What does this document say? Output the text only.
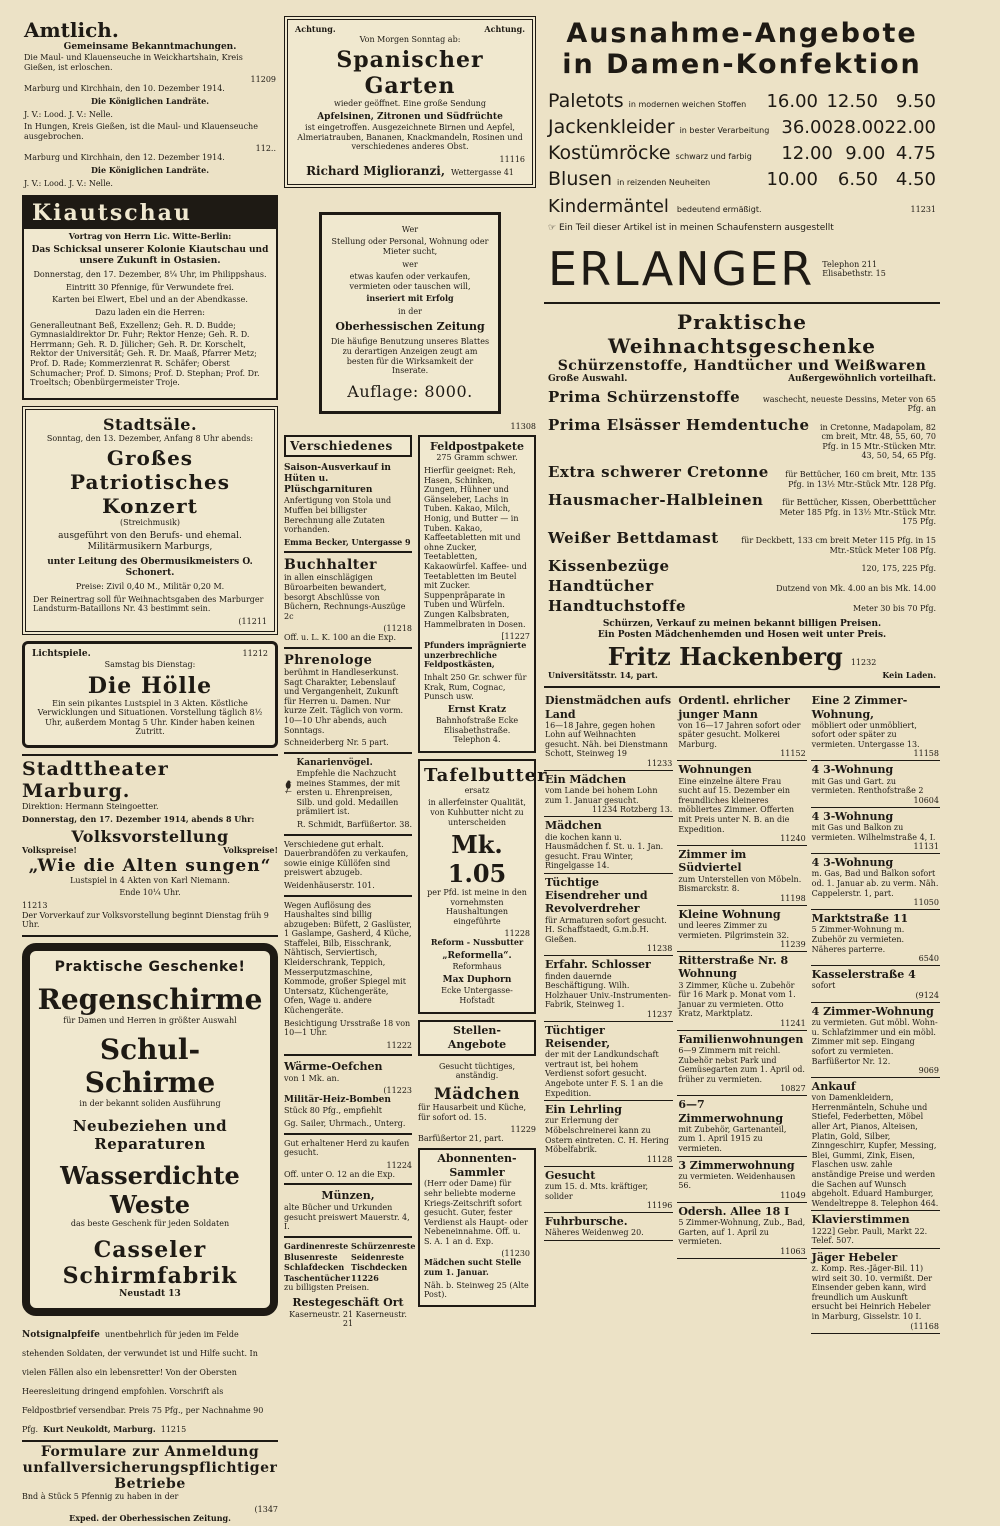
Amtlich.
Gemeinsame Bekanntmachungen.

Die Maul- und Klauenseuche in Weickhartshain, Kreis Gießen, ist erloschen.

11209

Marburg und Kirchhain, den 10. Dezember 1914.

Die Königlichen Landräte.

J. V.: Lood. J. V.: Nelle.

In Hungen, Kreis Gießen, ist die Maul- und Klauenseuche ausgebrochen.

112..

Marburg und Kirchhain, den 12. Dezember 1914.

Die Königlichen Landräte.

J. V.: Lood. J. V.: Nelle.

Kiautschau

Vortrag von Herrn Lic. Witte-Berlin:

Das Schicksal unserer Kolonie Kiautschau und unsere Zukunft in Ostasien.

Donnerstag, den 17. Dezember, 8¼ Uhr, im Philippshaus.

Eintritt 30 Pfennige, für Verwundete frei.

Karten bei Elwert, Ebel und an der Abendkasse.

Dazu laden ein die Herren:

Generalleutnant Beß, Exzellenz; Geh. R. D. Budde; Gymnasialdirektor Dr. Fuhr; Rektor Henze; Geh. R. D. Herrmann; Geh. R. D. Jülicher; Geh. R. Dr. Korschelt, Rektor der Universität; Geh. R. Dr. Maaß, Pfarrer Metz; Prof. D. Rade; Kommerzienrat R. Schäfer; Oberst Schumacher; Prof. D. Simons; Prof. D. Stephan; Prof. Dr. Troeltsch; Obenbürgermeister Troje.

Stadtsäle.

Sonntag, den 13. Dezember, Anfang 8 Uhr abends:

Großes Patriotisches Konzert

(Streichmusik)

ausgeführt von den Berufs- und ehemal. Militärmusikern Marburgs,

unter Leitung des Obermusikmeisters O. Schonert.

Preise: Zivil 0,40 M., Militär 0,20 M.

Der Reinertrag soll für Weihnachtsgaben des Marburger Landsturm-Bataillons Nr. 43 bestimmt sein.

(11211
Lichtspiele.	11212

Samstag bis Dienstag:

Die Hölle

Ein sein pikantes Lustspiel in 3 Akten. Köstliche Verwicklungen und Situationen. Vorstellung täglich 8½ Uhr, außerdem Montag 5 Uhr. Kinder haben keinen Zutritt.

Stadttheater Marburg.

Direktion: Hermann Steingoetter.

Donnerstag, den 17. Dezember 1914, abends 8 Uhr:

Volksvorstellung
Volkspreise!	Volkspreise!
„Wie die Alten sungen“

Lustspiel in 4 Akten von Karl Niemann.

Ende 10¼ Uhr.

11213

Der Vorverkauf zur Volksvorstellung beginnt Dienstag früh 9 Uhr.

Praktische Geschenke!
Regenschirme

für Damen und Herren in größter Auswahl

Schul-Schirme

in der bekannt soliden Ausführung

Neubeziehen und Reparaturen
Wasserdichte Weste

das beste Geschenk für jeden Soldaten

Casseler Schirmfabrik
Neustadt 13
Notsignalpfeife unentbehrlich für jeden im Felde stehenden Soldaten, der verwundet ist und Hilfe sucht. In vielen Fällen also ein lebensretter! Von der Obersten Heeresleitung dringend empfohlen. Vorschrift als Feldpostbrief versendbar. Preis 75 Pfg., per Nachnahme 90 Pfg. Kurt Neukoldt, Marburg. 11215
Formulare zur Anmeldung unfallversicherungspflichtiger Betriebe

Bnd à Stück 5 Pfennig zu haben in der

(1347

Exped. der Oberhessischen Zeitung.

Achtung.	Achtung.

Von Morgen Sonntag ab:

Spanischer Garten

wieder geöffnet. Eine große Sendung

Apfelsinen, Zitronen und Südfrüchte

ist eingetroffen. Ausgezeichnete Birnen und Aepfel, Almeriatrauben, Bananen, Knackmandeln, Rosinen und verschiedenes anderes Obst.

11116
Richard Miglioranzi, Wettergasse 41

Wer

Stellung oder Personal, Wohnung oder Mieter sucht,

wer

etwas kaufen oder verkaufen, vermieten oder tauschen will,

inseriert mit Erfolg

in der

Oberhessischen Zeitung

Die häufige Benutzung unseres Blattes zu derartigen Anzeigen zeugt am besten für die Wirksamkeit der Inserate.

Auflage: 8000.
11308
Verschiedenes
Saison-Ausverkauf in Hüten u. Plüschgarnituren

Anfertigung von Stola und Muffen bei billigster Berechnung alle Zutaten vorhanden.

Emma Becker, Untergasse 9

Buchhalter

in allen einschlägigen Büroarbeiten bewandert, besorgt Abschlüsse von Büchern, Rechnungs-Auszüge 2c

(11218

Off. u. L. K. 100 an die Exp.

Phrenologe

berühmt in Handleserkunst. Sagt Charakter, Lebenslauf und Vergangenheit, Zukunft für Herren u. Damen. Nur kurze Zeit. Täglich von vorm. 10—10 Uhr abends, auch Sonntags.

Schneiderberg Nr. 5 part.

Kanarienvögel.

Empfehle die Nachzucht meines Stammes, der mit ersten u. Ehrenpreisen, Silb. und gold. Medaillen prämiiert ist.

R. Schmidt, Barfüßertor. 38.

Verschiedene gut erhalt. Dauerbrandöfen zu verkaufen, sowie einige Küllöfen sind preiswert abzugeb.

Weidenhäuserstr. 101.

Wegen Auflösung des Haushaltes sind billig abzugeben: Büfett, 2 Gaslüster, 1 Gaslampe, Gasherd, 4 Küche, Staffelei, Bilb, Eisschrank, Nähtisch, Serviertisch, Kleiderschrank, Teppich, Messerputzmaschine, Kommode, großer Spiegel mit Untersatz, Küchengeräte, Ofen, Wage u. andere Küchengeräte.

Besichtigung Ursstraße 18 von 10—1 Uhr.

11222
Wärme-Oefchen

von 1 Mk. an.

(11223
Militär-Heiz-Bomben

Stück 80 Pfg., empfiehlt

Gg. Sailer, Uhrmach., Unterg.

Gut erhaltener Herd zu kaufen gesucht.

11224

Off. unter O. 12 an die Exp.

Münzen,

alte Bücher und Urkunden gesucht preiswert Mauerstr. 4, I.

Gardinenreste Schürzenreste
Blusenreste	Seidenreste
Schlafdecken Tischdecken
Taschentücher 11226

zu billigsten Preisen.

Restegeschäft Ort

Kaserneustr. 21 Kaserneustr. 21

Feldpostpakete

275 Gramm schwer.

Hierfür geeignet: Reh, Hasen, Schinken, Zungen, Hühner und Gänseleber, Lachs in Tuben. Kakao, Milch, Honig, und Butter — in Tuben. Kakao, Kaffeetabletten mit und ohne Zucker, Teetabletten, Kakaowürfel. Kaffee- und Teetabletten im Beutel mit Zucker. Suppenpräparate in Tuben und Würfeln. Zungen Kalbsbraten, Hammelbraten in Dosen.

[11227

Pfunders imprägnierte unzerbrechliche Feldpostkästen,

Inhalt 250 Gr. schwer für Krak, Rum, Cognac, Punsch usw.

Ernst Kratz

Bahnhofstraße Ecke Elisabethstraße. Telephon 4.

Tafelbutter

ersatz

in allerfeinster Qualität, von Kuhbutter nicht zu unterscheiden

Mk. 1.05

per Pfd. ist meine in den vornehmsten Haushaltungen eingeführte

11228

Reform - Nussbutter

„Reformella“.

Reformhaus

Max Duphorn

Ecke Untergasse-Hofstadt

Stellen-Angebote

Gesucht tüchtiges, anständig.

Mädchen

für Hausarbeit und Küche, für sofort od. 15.

11229

Barfüßertor 21, part.

Abonnenten-Sammler

(Herr oder Dame) für sehr beliebte moderne Kriegs-Zeitschrift sofort gesucht. Guter, fester Verdienst als Haupt- oder Nebeneinnahme. Off. u. S. A. 1 an d. Exp.

(11230

Mädchen sucht Stelle zum 1. Januar.

Näh. b. Steinweg 25 (Alte Post).

Ausnahme-Angebote
in Damen-Konfektion
Paletots in modernen weichen Stoffen	16.00 12.50 9.50
Jackenkleider in bester Verarbeitung 36.00 28.00 22.00
Kostümröcke schwarz und farbig	12.00 9.00 4.75
Blusen in reizenden Neuheiten	10.00	6.50 4.50
Kindermäntel bedeutend ermäßigt.	11231
☞ Ein Teil dieser Artikel ist in meinen Schaufenstern ausgestellt
ERLANGER Telephon 211
Elisabethstr. 15
Praktische Weihnachtsgeschenke
Schürzenstoffe, Handtücher und Weißwaren
Große Auswahl.	Außergewöhnlich vorteilhaft.
Prima Schürzenstoffe	waschecht, neueste Dessins, Meter von 65 Pfg. an
Prima Elsässer Hemdentuche	in Cretonne, Madapolam, 82 cm breit, Mtr. 48, 55, 60, 70 Pfg. in 15 Mtr.-Stücken Mtr. 43, 50, 54, 65 Pfg.
Extra schwerer Cretonne	für Bettücher, 160 cm breit, Mtr. 135 Pfg. in 13½ Mtr.-Stück Mtr. 128 Pfg.
Hausmacher-Halbleinen	für Bettücher, Kissen, Oberbetttücher Meter 185 Pfg. in 13½ Mtr.-Stück Mtr. 175 Pfg.
Weißer Bettdamast	für Deckbett, 133 cm breit Meter 115 Pfg. in 15 Mtr.-Stück Meter 108 Pfg.
Kissenbezüge	120, 175, 225 Pfg.
Handtücher	Dutzend von Mk. 4.00 an bis Mk. 14.00
Handtuchstoffe	Meter 30 bis 70 Pfg.
Schürzen, Verkauf zu meinen bekannt billigen Preisen.
Ein Posten Mädchenhemden und Hosen weit unter Preis.
Fritz Hackenberg 11232
Universitätsstr. 14, part.	Kein Laden.
Dienstmädchen aufs Land
16—18 Jahre, gegen hohen Lohn auf Weihnachten gesucht. Näh. bei Dienstmann Schott, Steinweg 19
11233
Ein Mädchen
vom Lande bei hohem Lohn zum 1. Januar gesucht.
11234 Rotzberg 13.
Mädchen
die kochen kann u. Hausmädchen f. St. u. 1. Jan. gesucht. Frau Winter, Ringelgasse 14.
Tüchtige Eisendreher und Revolverdreher
für Armaturen sofort gesucht. H. Schaffstaedt, G.m.b.H. Gießen.
11238
Erfahr. Schlosser
finden dauernde Beschäftigung. Wilh. Holzhauer Univ.-Instrumenten-Fabrik, Steinweg 1.
11237
Tüchtiger Reisender,
der mit der Landkundschaft vertraut ist, bei hohem Verdienst sofort gesucht. Angebote unter F. S. 1 an die Expedition.
Ein Lehrling
zur Erlernung der Möbelschreinerei kann zu Ostern eintreten. C. H. Hering Möbelfabrik.
11128
Gesucht
zum 15. d. Mts. kräftiger, solider
11196
Fuhrbursche.
Näheres Weidenweg 20.
Ordentl. ehrlicher junger Mann
von 16—17 Jahren sofort oder später gesucht. Molkerei Marburg.
11152
Wohnungen
Eine einzelne ältere Frau sucht auf 15. Dezember ein freundliches kleineres möbliertes Zimmer. Offerten mit Preis unter N. B. an die Expedition.
11240
Zimmer im Südviertel
zum Unterstellen von Möbeln. Bismarckstr. 8.
11198
Kleine Wohnung
und leeres Zimmer zu vermieten. Pilgrimstein 32.
11239
Ritterstraße Nr. 8 Wohnung
3 Zimmer, Küche u. Zubehör für 16 Mark p. Monat vom 1. Januar zu vermieten. Otto Kratz, Marktplatz.
11241
Familienwohnungen
6—9 Zimmern mit reichl. Zubehör nebst Park und Gemüsegarten zum 1. April od. früher zu vermieten.
10827
6—7 Zimmerwohnung
mit Zubehör, Gartenanteil, zum 1. April 1915 zu vermieten.
3 Zimmerwohnung
zu vermieten. Weidenhausen 56.
11049
Odersh. Allee 18 I
5 Zimmer-Wohnung, Zub., Bad, Garten, auf 1. April zu vermieten.
11063
Eine 2 Zimmer-Wohnung,
möbliert oder unmöbliert, sofort oder später zu vermieten. Untergasse 13.
11158
4 3-Wohnung
mit Gas und Gart. zu vermieten. Renthofstraße 2
10604
4 3-Wohnung
mit Gas und Balkon zu vermieten. Wilhelmstraße 4, I.
11131
4 3-Wohnung
m. Gas, Bad und Balkon sofort od. 1. Januar ab. zu verm. Näh. Cappelerstr. 1, part.
11050
Marktstraße 11
5 Zimmer-Wohnung m. Zubehör zu vermieten. Näheres parterre.
6540
Kasselerstraße 4
sofort
(9124
4 Zimmer-Wohnung
zu vermieten. Gut möbl. Wohn- u. Schlafzimmer und ein möbl. Zimmer mit sep. Eingang sofort zu vermieten. Barfüßertor Nr. 12.
9069
Ankauf
von Damenkleidern, Herrenmänteln, Schuhe und Stiefel, Federbetten, Möbel aller Art, Pianos, Alteisen, Platin, Gold, Silber, Zinngeschirr, Kupfer, Messing, Blei, Gummi, Zink, Eisen, Flaschen usw. zahle anständige Preise und werden die Sachen auf Wunsch abgeholt. Eduard Hamburger, Wendeltreppe 8. Telephon 464.
Klavierstimmen
1222] Gebr. Pauli, Markt 22. Telef. 507.
Jäger Hebeler
z. Komp. Res.-Jäger-Bil. 11) wird seit 30. 10. vermißt. Der Einsender geben kann, wird freundlich um Auskunft ersucht bei Heinrich Hebeler in Marburg, Gisselstr. 10 I.
(11168
